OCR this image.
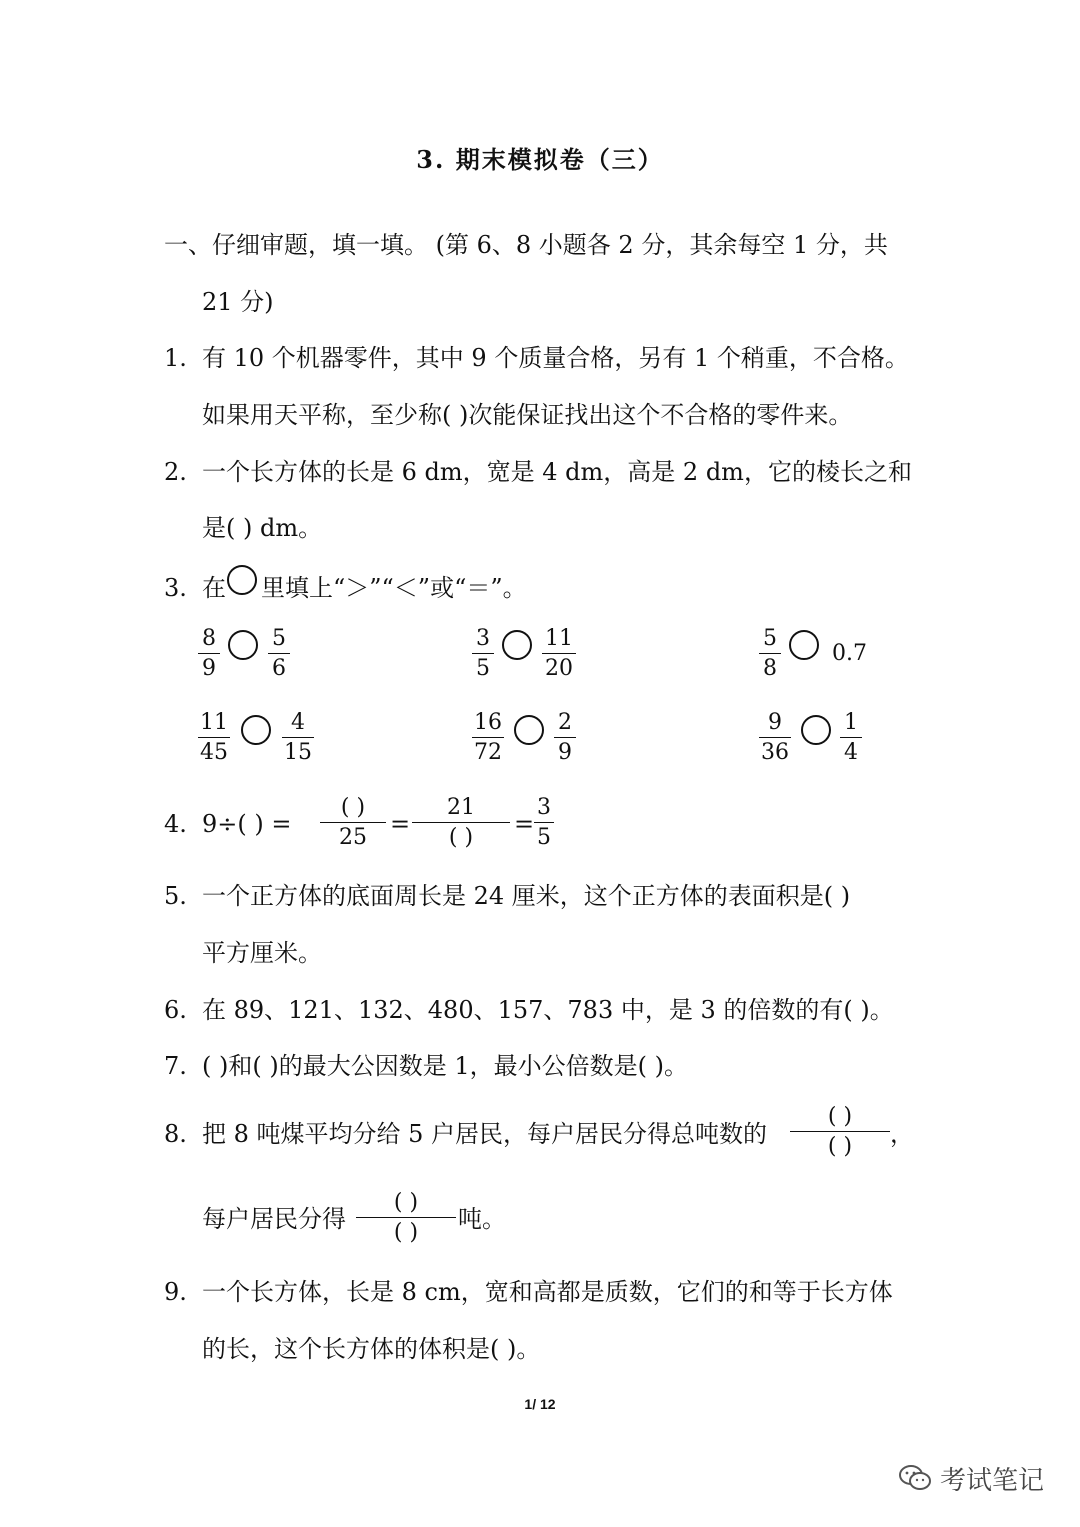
3. 期末模拟卷（三）
一、仔细审题，填一填。 (第 6、8 小题各 2 分，其余每空 1 分，共
21 分)
1. 有 10 个机器零件，其中 9 个质量合格，另有 1 个稍重，不合格。
如果用天平称，至少称( )次能保证找出这个不合格的零件来。
2. 一个长方体的长是 6 dm，宽是 4 dm，高是 2 dm，它的棱长之和
是( ) dm。
3. 在 里填上“＞”“＜”或“＝”。
$\frac{8}{9} \frac{5}{6}$	$\frac{3}{5} \frac{11}{20}$	$\frac{5}{8} 0.7$
$\frac{11}{45} \frac{4}{15}$	$\frac{16}{72} \frac{2}{9}$	$\frac{9}{36} \frac{1}{4}$
4. 9÷( ) =
( )
25 =
21
( )	= $\frac{3}{5}$
5. 一个正方体的底面周长是 24 厘米，这个正方体的表面积是( )
平方厘米。
6. 在 89、121、132、480、157、783 中，是 3 的倍数的有( )。
7. ( )和( )的最大公因数是 1，最小公倍数是( )。
8. 把 8 吨煤平均分给 5 户居民，每户居民分得总吨数的
( )
( )	，
每户居民分得
( )
( )	吨。
9. 一个长方体，长是 8 cm，宽和高都是质数，它们的和等于长方体
的长，这个长方体的体积是( )。
1/ 12
考试笔记
